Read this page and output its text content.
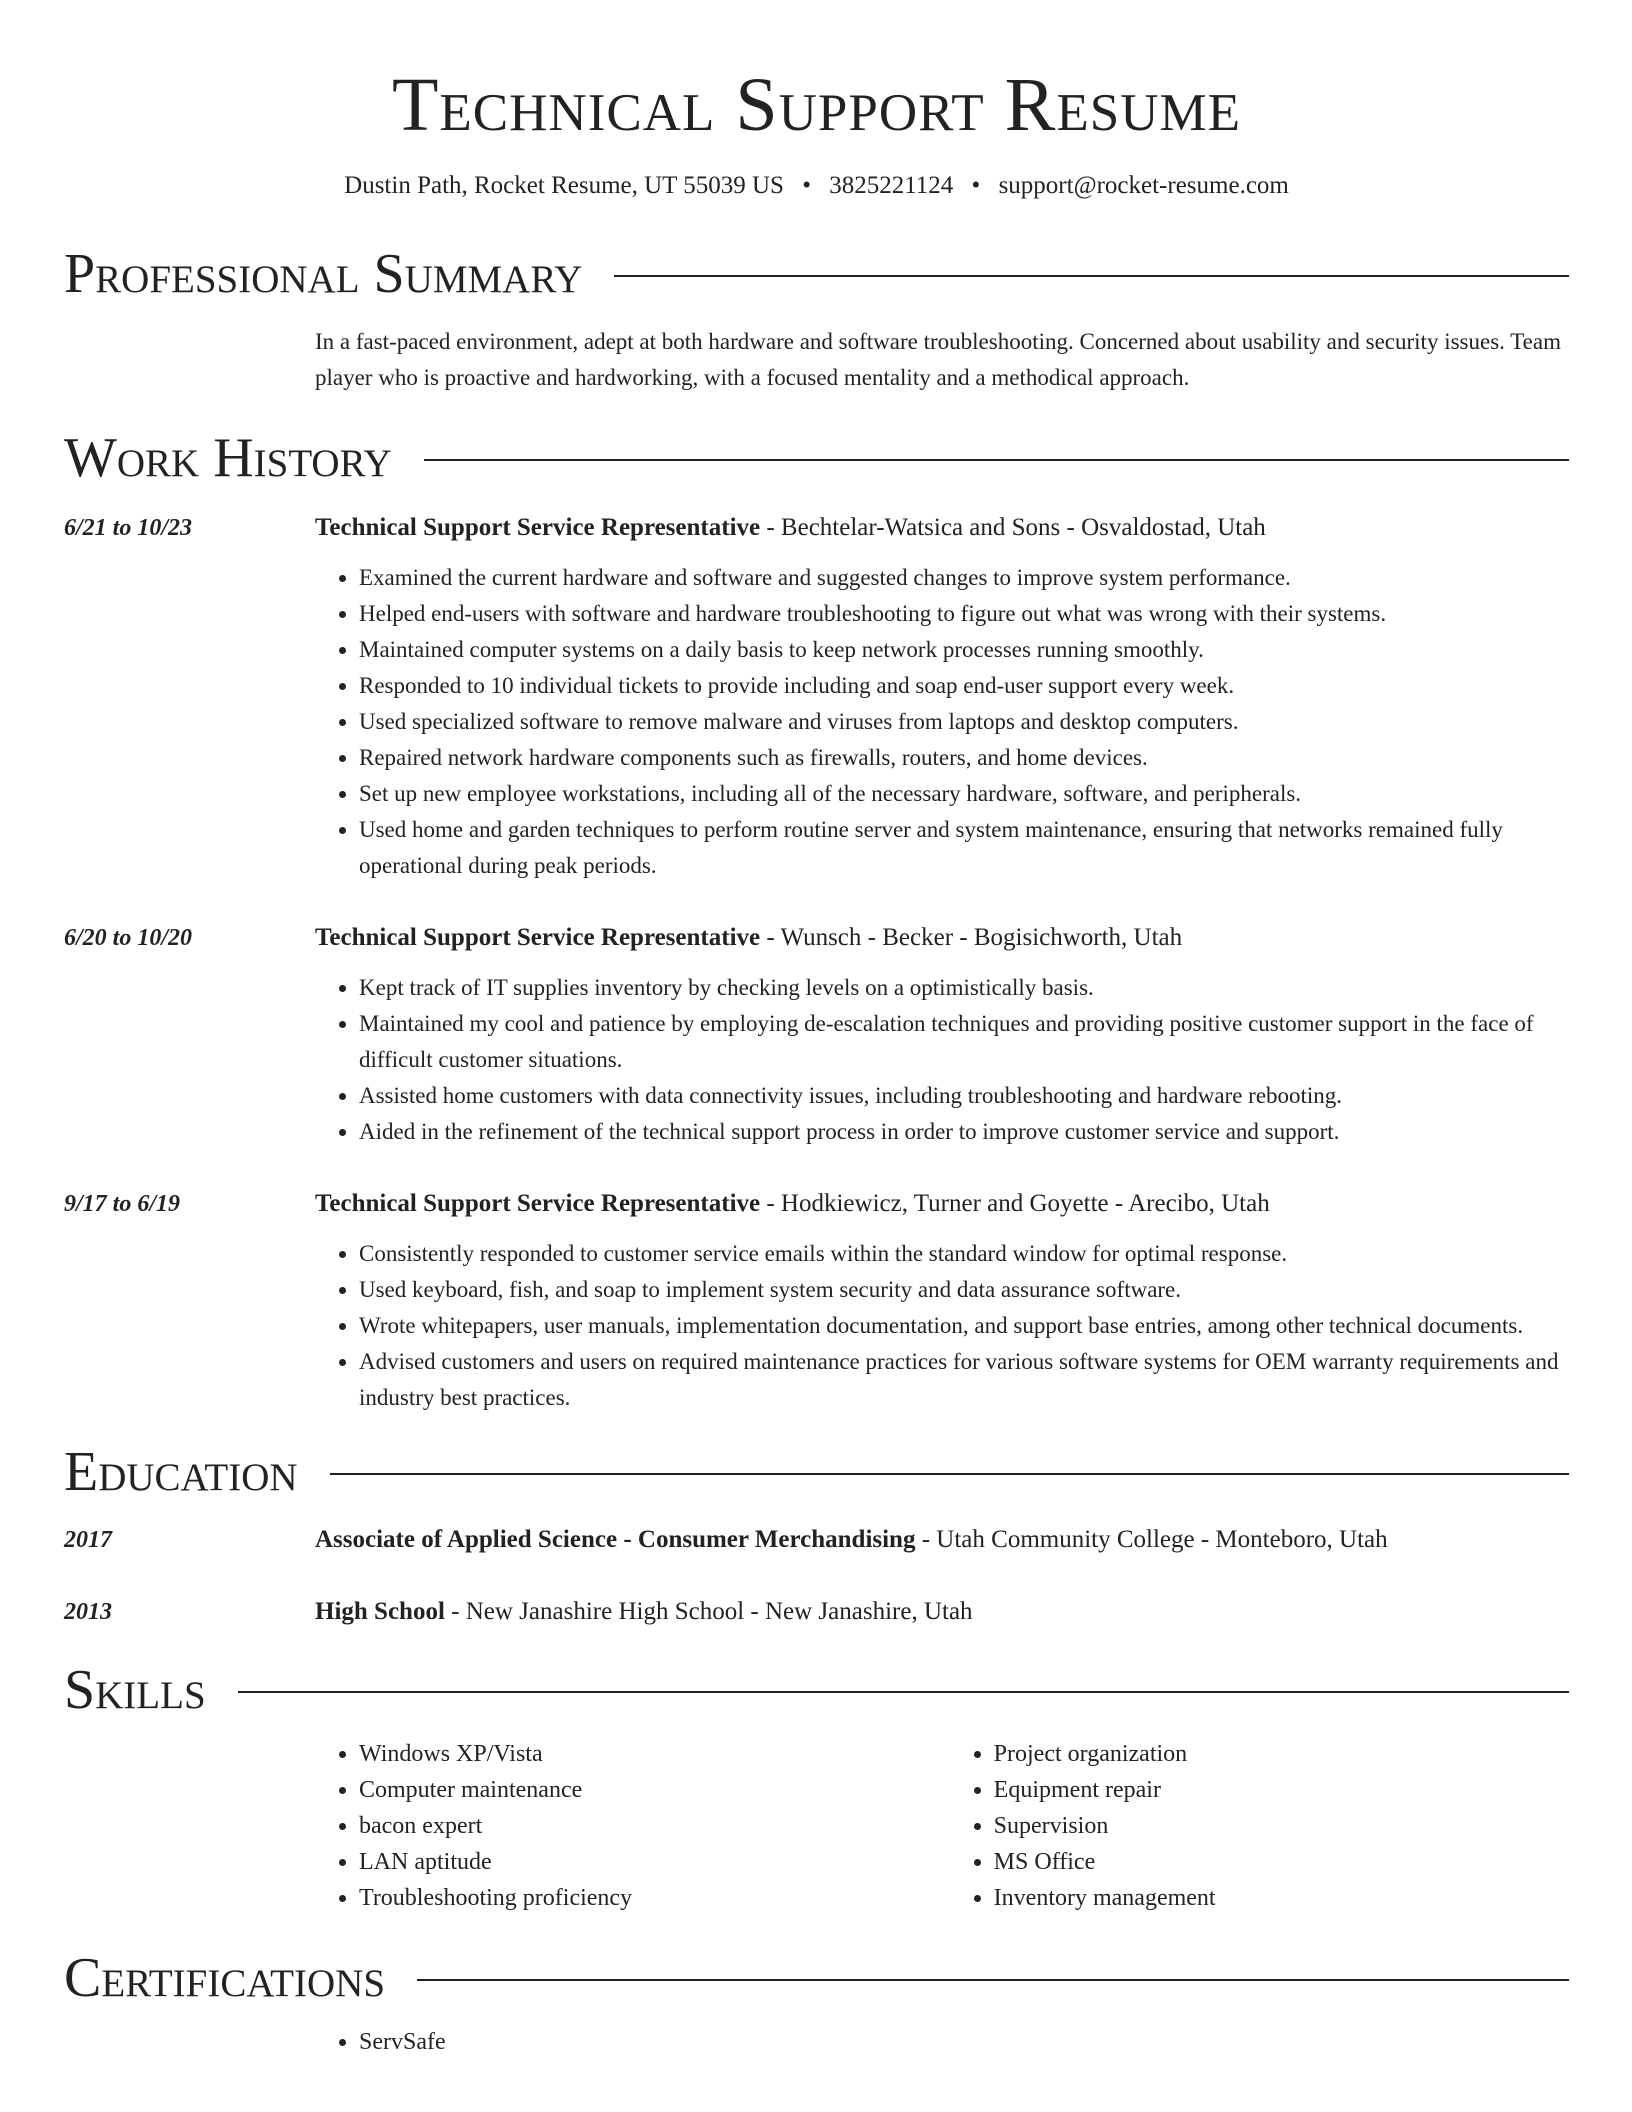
Technical Support Resume
Dustin Path, Rocket Resume, UT 55039 US • 3825221124 • support@rocket-resume.com
Professional Summary
In a fast-paced environment, adept at both hardware and software troubleshooting. Concerned about usability and security issues. Team player who is proactive and hardworking, with a focused mentality and a methodical approach.
Work History
6/21 to 10/23	Technical Support Service Representative - Bechtelar-Watsica and Sons - Osvaldostad, Utah
• Examined the current hardware and software and suggested changes to improve system performance.
• Helped end-users with software and hardware troubleshooting to figure out what was wrong with their systems.
• Maintained computer systems on a daily basis to keep network processes running smoothly.
• Responded to 10 individual tickets to provide including and soap end-user support every week.
• Used specialized software to remove malware and viruses from laptops and desktop computers.
• Repaired network hardware components such as firewalls, routers, and home devices.
• Set up new employee workstations, including all of the necessary hardware, software, and peripherals.
• Used home and garden techniques to perform routine server and system maintenance, ensuring that networks remained fully operational during peak periods.
6/20 to 10/20	Technical Support Service Representative - Wunsch - Becker - Bogisichworth, Utah
• Kept track of IT supplies inventory by checking levels on a optimistically basis.
• Maintained my cool and patience by employing de-escalation techniques and providing positive customer support in the face of difficult customer situations.
• Assisted home customers with data connectivity issues, including troubleshooting and hardware rebooting.
• Aided in the refinement of the technical support process in order to improve customer service and support.
9/17 to 6/19	Technical Support Service Representative - Hodkiewicz, Turner and Goyette - Arecibo, Utah
• Consistently responded to customer service emails within the standard window for optimal response.
• Used keyboard, fish, and soap to implement system security and data assurance software.
• Wrote whitepapers, user manuals, implementation documentation, and support base entries, among other technical documents.
• Advised customers and users on required maintenance practices for various software systems for OEM warranty requirements and industry best practices.
Education
2017	Associate of Applied Science - Consumer Merchandising - Utah Community College - Monteboro, Utah
2013	High School - New Janashire High School - New Janashire, Utah
Skills
• Windows XP/Vista
• Computer maintenance
• bacon expert
• LAN aptitude
• Troubleshooting proficiency
• Project organization
• Equipment repair
• Supervision
• MS Office
• Inventory management
Certifications
• ServSafe
